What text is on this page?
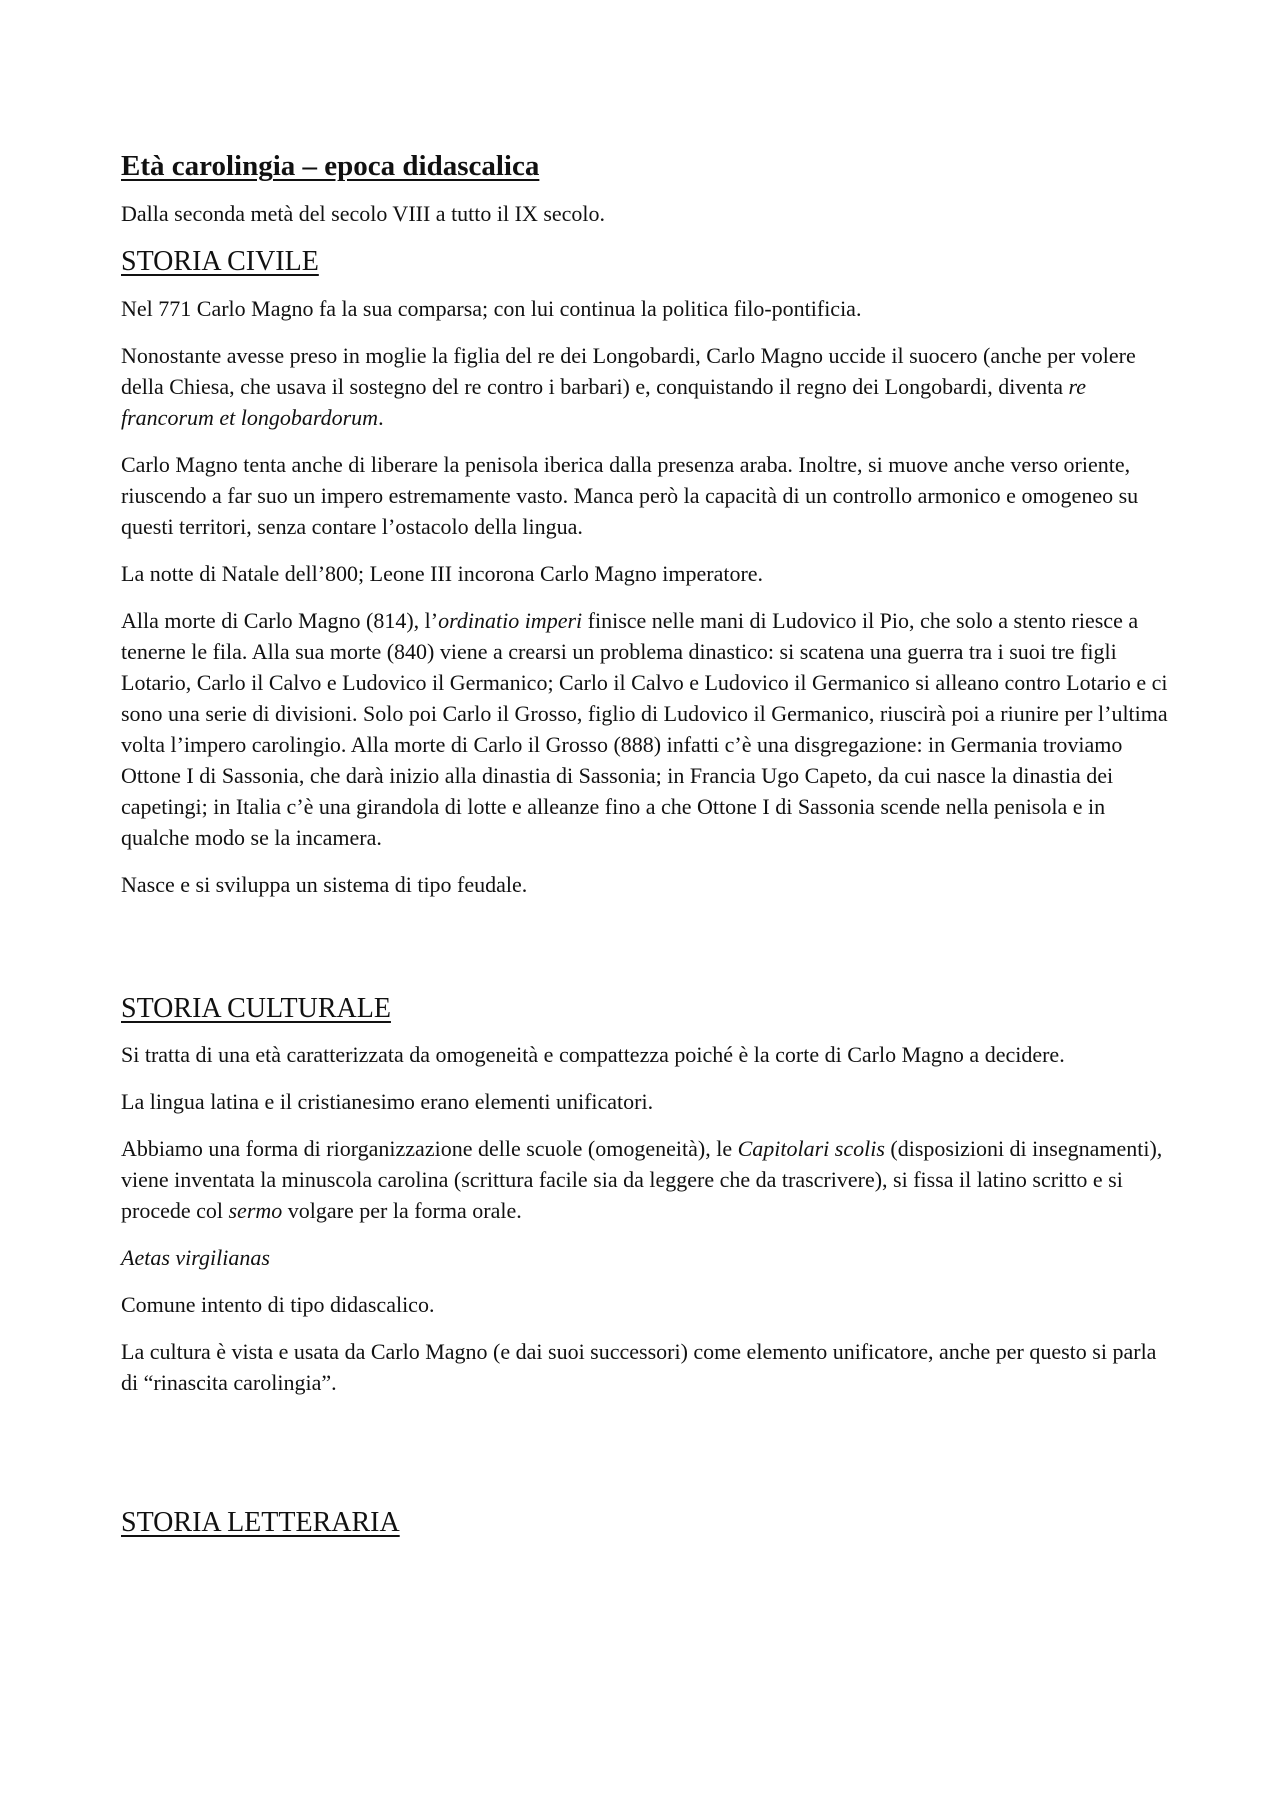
Età carolingia – epoca didascalica

Dalla seconda metà del secolo VIII a tutto il IX secolo.

STORIA CIVILE

Nel 771 Carlo Magno fa la sua comparsa; con lui continua la politica filo-pontificia.

Nonostante avesse preso in moglie la figlia del re dei Longobardi, Carlo Magno uccide il suocero (anche per volere della Chiesa, che usava il sostegno del re contro i barbari) e, conquistando il regno dei Longobardi, diventa re francorum et longobardorum.

Carlo Magno tenta anche di liberare la penisola iberica dalla presenza araba. Inoltre, si muove anche verso oriente, riuscendo a far suo un impero estremamente vasto. Manca però la capacità di un controllo armonico e omogeneo su questi territori, senza contare l’ostacolo della lingua.

La notte di Natale dell’800; Leone III incorona Carlo Magno imperatore.

Alla morte di Carlo Magno (814), l’ordinatio imperi finisce nelle mani di Ludovico il Pio, che solo a stento riesce a tenerne le fila. Alla sua morte (840) viene a crearsi un problema dinastico: si scatena una guerra tra i suoi tre figli Lotario, Carlo il Calvo e Ludovico il Germanico; Carlo il Calvo e Ludovico il Germanico si alleano contro Lotario e ci sono una serie di divisioni. Solo poi Carlo il Grosso, figlio di Ludovico il Germanico, riuscirà poi a riunire per l’ultima volta l’impero carolingio. Alla morte di Carlo il Grosso (888) infatti c’è una disgregazione: in Germania troviamo Ottone I di Sassonia, che darà inizio alla dinastia di Sassonia; in Francia Ugo Capeto, da cui nasce la dinastia dei capetingi; in Italia c’è una girandola di lotte e alleanze fino a che Ottone I di Sassonia scende nella penisola e in qualche modo se la incamera.

Nasce e si sviluppa un sistema di tipo feudale.

STORIA CULTURALE

Si tratta di una età caratterizzata da omogeneità e compattezza poiché è la corte di Carlo Magno a decidere.

La lingua latina e il cristianesimo erano elementi unificatori.

Abbiamo una forma di riorganizzazione delle scuole (omogeneità), le Capitolari scolis (disposizioni di insegnamenti), viene inventata la minuscola carolina (scrittura facile sia da leggere che da trascrivere), si fissa il latino scritto e si procede col sermo volgare per la forma orale.

Aetas virgilianas

Comune intento di tipo didascalico.

La cultura è vista e usata da Carlo Magno (e dai suoi successori) come elemento unificatore, anche per questo si parla di “rinascita carolingia”.

STORIA LETTERARIA
